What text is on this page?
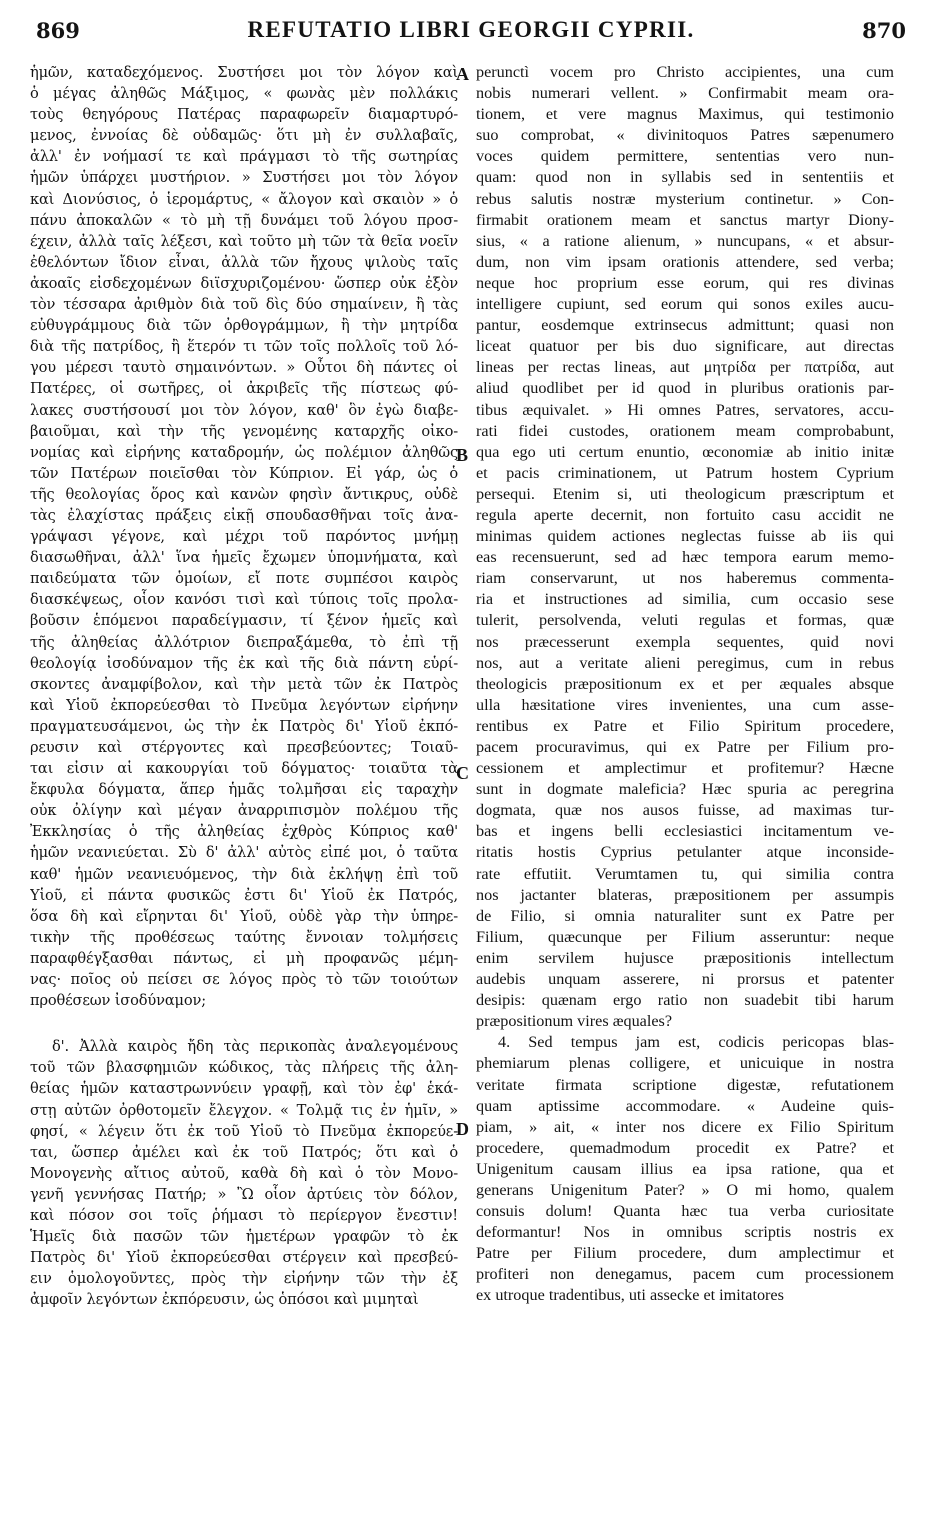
869	REFUTATIO LIBRI GEORGII CYPRII.	870
ἡμῶν, καταδεχόμενος. Συστήσει μοι τὸν λόγον καὶ
ὁ μέγας ἀληθῶς Μάξιμος, « φωνὰς μὲν πολλάκις
τοὺς θεηγόρους Πατέρας παραφωρεῖν διαμαρτυρό-
μενος, ἐννοίας δὲ οὐδαμῶς· ὅτι μὴ ἐν συλλαβαῖς,
ἀλλ' ἐν νοήμασί τε καὶ πράγμασι τὸ τῆς σωτηρίας
ἡμῶν ὑπάρχει μυστήριον. » Συστήσει μοι τὸν λόγον
καὶ Διονύσιος, ὁ ἱερομάρτυς, « ἄλογον καὶ σκαιὸν » ὁ
πάνυ ἀποκαλῶν « τὸ μὴ τῇ δυνάμει τοῦ λόγου προσ-
έχειν, ἀλλὰ ταῖς λέξεσι, καὶ τοῦτο μὴ τῶν τὰ θεῖα νοεῖν
ἐθελόντων ἴδιον εἶναι, ἀλλὰ τῶν ἤχους ψιλοὺς ταῖς
ἀκοαῖς εἰσδεχομένων διϊσχυριζομένου· ὥσπερ οὐκ ἐξὸν
τὸν τέσσαρα ἀριθμὸν διὰ τοῦ δὶς δύο σημαίνειν, ἢ τὰς
εὐθυγράμμους διὰ τῶν ὀρθογράμμων, ἢ τὴν μητρίδα
διὰ τῆς πατρίδος, ἢ ἕτερόν τι τῶν τοῖς πολλοῖς τοῦ λό-
γου μέρεσι ταυτὸ σημαινόντων. » Οὗτοι δὴ πάντες οἱ
Πατέρες, οἱ σωτῆρες, οἱ ἀκριβεῖς τῆς πίστεως φύ-
λακες συστήσουσί μοι τὸν λόγον, καθ' ὃν ἐγὼ διαβε-
βαιοῦμαι, καὶ τὴν τῆς γενομένης καταρχῆς οἰκο-
νομίας καὶ εἰρήνης καταδρομήν, ὡς πολέμιον ἀληθῶς
τῶν Πατέρων ποιεῖσθαι τὸν Κύπριον. Εἰ γάρ, ὡς ὁ
τῆς θεολογίας ὅρος καὶ κανὼν φησὶν ἄντικρυς, οὐδὲ
τὰς ἐλαχίστας πράξεις εἰκῇ σπουδασθῆναι τοῖς ἀνα-
γράψασι γέγονε, καὶ μέχρι τοῦ παρόντος μνήμῃ
διασωθῆναι, ἀλλ' ἵνα ἡμεῖς ἔχωμεν ὑπομνήματα, καὶ
παιδεύματα τῶν ὁμοίων, εἴ ποτε συμπέσοι καιρὸς
διασκέψεως, οἷον κανόσι τισὶ καὶ τύποις τοῖς προλα-
βοῦσιν ἑπόμενοι παραδείγμασιν, τί ξένον ἡμεῖς καὶ
τῆς ἀληθείας ἀλλότριον διεπραξάμεθα, τὸ ἐπὶ τῇ
θεολογίᾳ ἰσοδύναμον τῆς ἐκ καὶ τῆς διὰ πάντη εὑρί-
σκοντες ἀναμφίβολον, καὶ τὴν μετὰ τῶν ἐκ Πατρὸς
καὶ Υἱοῦ ἐκπορεύεσθαι τὸ Πνεῦμα λεγόντων εἰρήνην
πραγματευσάμενοι, ὡς τὴν ἐκ Πατρὸς δι' Υἱοῦ ἐκπό-
ρευσιν καὶ στέργοντες καὶ πρεσβεύοντες; Τοιαῦ-
ται εἰσιν αἱ κακουργίαι τοῦ δόγματος· τοιαῦτα τὰ
ἔκφυλα δόγματα, ἅπερ ἡμᾶς τολμῆσαι εἰς ταραχὴν
οὐκ ὀλίγην καὶ μέγαν ἀναρριπισμὸν πολέμου τῆς
Ἐκκλησίας ὁ τῆς ἀληθείας ἐχθρὸς Κύπριος καθ'
ἡμῶν νεανιεύεται. Σὺ δ' ἀλλ' αὐτὸς εἰπέ μοι, ὁ ταῦτα
καθ' ἡμῶν νεανιευόμενος, τὴν διὰ ἐκλήψῃ ἐπὶ τοῦ
Υἱοῦ, εἰ πάντα φυσικῶς ἐστι δι' Υἱοῦ ἐκ Πατρός,
ὅσα δὴ καὶ εἴρηνται δι' Υἱοῦ, οὐδὲ γὰρ τὴν ὑπηρε-
τικὴν τῆς προθέσεως ταύτης ἔννοιαν τολμήσεις
παραφθέγξασθαι πάντως, εἰ μὴ προφανῶς μέμη-
νας· ποῖος οὐ πείσει σε λόγος πρὸς τὸ τῶν τοιούτων
προθέσεων ἰσοδύναμον;
δ'. Ἀλλὰ καιρὸς ἤδη τὰς περικοπὰς ἀναλεγομένους
τοῦ τῶν βλασφημιῶν κώδικος, τὰς πλήρεις τῆς ἀλη-
θείας ἡμῶν καταστρωννύειν γραφῇ, καὶ τὸν ἐφ' ἑκά-
στῃ αὐτῶν ὀρθοτομεῖν ἔλεγχον. « Τολμᾷ τις ἐν ἡμῖν, »
φησί, « λέγειν ὅτι ἐκ τοῦ Υἱοῦ τὸ Πνεῦμα ἐκπορεύε-
ται, ὥσπερ ἀμέλει καὶ ἐκ τοῦ Πατρός; ὅτι καὶ ὁ
Μονογενὴς αἴτιος αὐτοῦ, καθὰ δὴ καὶ ὁ τὸν Μονο-
γενῆ γεννήσας Πατήρ; » Ὢ οἷον ἀρτύεις τὸν δόλον,
καὶ πόσον σοι τοῖς ῥήμασι τὸ περίεργον ἔνεστιν!
Ἡμεῖς διὰ πασῶν τῶν ἡμετέρων γραφῶν τὸ ἐκ
Πατρὸς δι' Υἱοῦ ἐκπορεύεσθαι στέργειν καὶ πρεσβεύ-
ειν ὁμολογοῦντες, πρὸς τὴν εἰρήνην τῶν τὴν ἐξ
ἀμφοῖν λεγόντων ἐκπόρευσιν, ὡς ὁπόσοι καὶ μιμηταὶ
perunctì vocem pro Christo accipientes, una cum
nobis numerari vellent. » Confirmabit meam ora-
tionem, et vere magnus Maximus, qui testimonio
suo comprobat, « divinitoquos Patres sæpenumero
voces quidem permittere, sententias vero nun-
quam: quod non in syllabis sed in sententiis et
rebus salutis nostræ mysterium continetur. » Con-
firmabit orationem meam et sanctus martyr Diony-
sius, « a ratione alienum, » nuncupans, « et absur-
dum, non vim ipsam orationis attendere, sed verba;
neque hoc proprium esse eorum, qui res divinas
intelligere cupiunt, sed eorum qui sonos exiles aucu-
pantur, eosdemque extrinsecus admittunt; quasi non
liceat quatuor per bis duo significare, aut directas
lineas per rectas lineas, aut μητρίδα per πατρίδα, aut
aliud quodlibet per id quod in pluribus orationis par-
tibus æquivalet. » Hi omnes Patres, servatores, accu-
rati fidei custodes, orationem meam comprobabunt,
qua ego uti certum enuntio, œconomiæ ab initio initæ
et pacis criminationem, ut Patrum hostem Cyprium
persequi. Etenim si, uti theologicum præscriptum et
regula aperte decernit, non fortuito casu accidit ne
minimas quidem actiones neglectas fuisse ab iis qui
eas recensuerunt, sed ad hæc tempora earum memo-
riam conservarunt, ut nos haberemus commenta-
ria et instructiones ad similia, cum occasio sese
tulerit, persolvenda, veluti regulas et formas, quæ
nos præcesserunt exempla sequentes, quid novi
nos, aut a veritate alieni peregimus, cum in rebus
theologicis præpositionum ex et per æquales absque
ulla hæsitatione vires invenientes, una cum asse-
rentibus ex Patre et Filio Spiritum procedere,
pacem procuravimus, qui ex Patre per Filium pro-
cessionem et amplectimur et profitemur? Hæcne
sunt in dogmate maleficia? Hæc spuria ac peregrina
dogmata, quæ nos ausos fuisse, ad maximas tur-
bas et ingens belli ecclesiastici incitamentum ve-
ritatis hostis Cyprius petulanter atque inconside-
rate effutiit. Verumtamen tu, qui similia contra
nos jactanter blateras, præpositionem per assumpis
de Filio, si omnia naturaliter sunt ex Patre per
Filium, quæcunque per Filium asseruntur: neque
enim servilem hujusce præpositionis intellectum
audebis unquam asserere, ni prorsus et patenter
desipis: quænam ergo ratio non suadebit tibi harum
præpositionum vires æquales?
4. Sed tempus jam est, codicis pericopas blas-
phemiarum plenas colligere, et unicuique in nostra
veritate firmata scriptione digestæ, refutationem
quam aptissime accommodare. « Audeine quis-
piam, » ait, « inter nos dicere ex Filio Spiritum
procedere, quemadmodum procedit ex Patre? et
Unigenitum causam illius ea ipsa ratione, qua et
generans Unigenitum Pater? » O mi homo, qualem
consuis dolum! Quanta hæc tua verba curiositate
deformantur! Nos in omnibus scriptis nostris ex
Patre per Filium procedere, dum amplectimur et
profiteri non denegamus, pacem cum processionem
ex utroque tradentibus, uti assecke et imitatores
A
B
C
D
